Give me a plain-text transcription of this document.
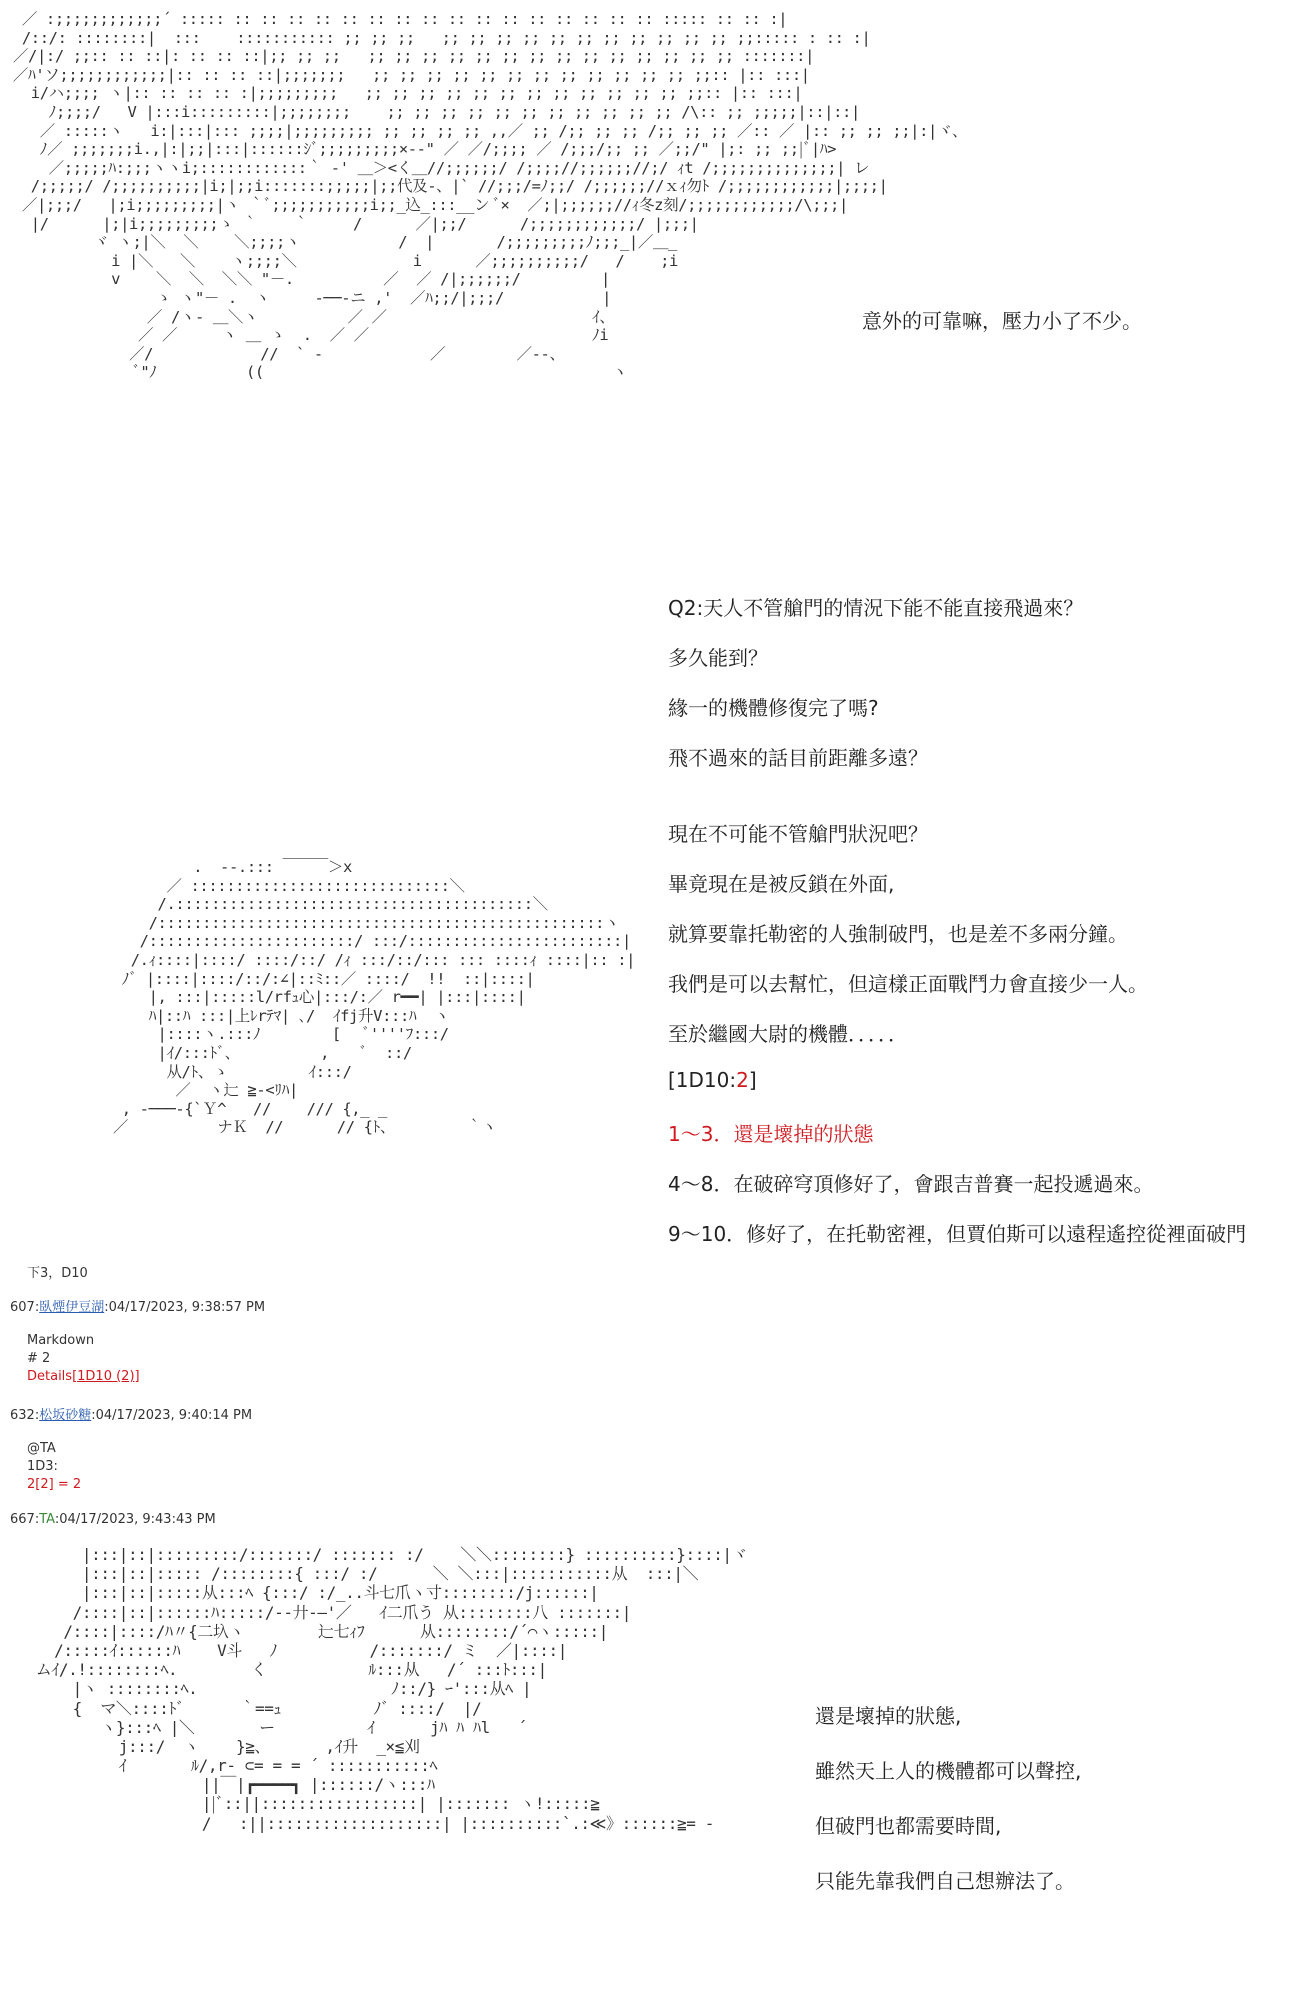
／ :;;;;;;;;;;;;´ ::::: :: :: :: :: :: :: :: :: :: :: :: :: :: :: :: :: ::::: :: :: :|
/::/: ::::::::|  :::    ::::::::::: ;; ;; ;;   ;; ;; ;; ;; ;; ;; ;; ;; ;; ;; ;; ;;::::: : :: :|
／/|:/ ;;:: :: ::|: :: :: ::|;; ;; ;;   ;; ;; ;; ;; ;; ;; ;; ;; ;; ;; ;; ;; ;; ;; :::::::|
／ﾊ'ソ;;;;;;;;;;;;|:: :: :: ::|;;;;;;;   ;; ;; ;; ;; ;; ;; ;; ;; ;; ;; ;; ;; ;;:: |:: :::|
i/ハ;;;; ヽ|:: :: :: :: :|;;;;;;;;;   ;; ;; ;; ;; ;; ;; ;; ;; ;; ;; ;; ;; ;;:: |:: :::|
ﾉ;;;;/   V |:::i:::::::::|;;;;;;;;    ;; ;; ;; ;; ;; ;; ;; ;; ;; ;; ;; /\:: ;; ;;;;;|::|::|
／ :::::ヽ   i:|:::|::: ;;;;|;;;;;;;;; ;; ;; ;; ;; ,,／ ;; /;; ;; ;; /;; ;; ;; ／:: ／ |:: ;; ;; ;;|:|ヾ、
ﾉ／ ;;;;;;;i.,|:|;;|:::|::::::ｼﾞ;;;;;;;;;×-‐" ／ ／/;;;; ／ /;;;/;; ;; ／;;/" |;: ;; ;;|ﾞ|ﾊ>
／;;;;;ﾊ:;;;ヽヽi;::::::::::::｀ ‐' ＿＞<く＿//;;;;;;/ /;;;;//;;;;;;//;/ ｨt /;;;;;;;;;;;;;;| レ
/;;;;;/ /;;;;;;;;;;|i;|;;i:::::::;;;;;|;;代及-、|` //;;;/=ﾉ;;/ /;;;;;;//ｘｨ勿ﾄ /;;;;;;;;;;;;|;;;;|
／|;;;/   |;i;;;;;;;;;|ヽ ｀ﾞ;;;;;;;;;;;i;;_込_:::__ン ﾞ×  ／;|;;;;;;//ｨ冬z刻/;;;;;;;;;;;;/\;;;|
|/      |;|i;;;;;;;;;ゝ ｀    ｀     /      ／|;;/      /;;;;;;;;;;;;/ |;;;|
ヾ ヽ;|＼  ＼    ＼;;;;ヽ           /  |       /;;;;;;;;;ﾉ;;;_|／＿_
i |＼   ＼    ヽ;;;;＼             i      ／;;;;;;;;;;/   /    ;i
v    ＼  ＼  ＼＼ "－.          ／  ／ /|;;;;;;/         |
ゝ ヽ"－ .  ヽ     ‐──‐ニ ,'  ／ﾊ;;/|;;;/           |
／ /ヽ- ＿＼ヽ          ／ ／                       ｲ、
／ ／     ヽ ＿ ゝ  .  ／ ／                         ﾉi
／/            //  ` ‐            ／        ／‐-、
ﾞ"ﾉ          ((                                       ヽ
.  ‐-.::: ￣￣￣＞x
／ :::::::::::::::::::::::::::::＼
/.::::::::::::::::::::::::::::::::::::::::＼
/::::::::::::::::::::::::::::::::::::::::::::::::::ヽ
/:::::::::::::::::::::::/ :::/::::::::::::::::::::::::|
/.ｨ::::|::::/ ::::/::/ /ｨ :::/::/::: ::: ::::ｨ ::::|:: :|
ﾉﾞ |::::|::::/::/:∠|::ﾐ::／ ::::/  !!  ::|::::|
|, :::|:::::l/rfｭ心|:::/:／ r━━| |:::|::::|
ﾊ|::ﾊ :::|上ﾚrﾃﾏ| ､/  ｲfj升V:::ﾊ  ヽ
|::::ヽ.:::ﾉ        [   ﾞ''''ﾌ:::/
|ｲ/:::ﾄﾞ、         ,    ﾞ  ::/
从/ﾄ、ゝ         ｲ:::/
／  ヽ辷 ≧-<ﾘﾊ|
, -───‐{`Ｙ^   //    /// {,_ _
／          ナＫ  //      // {ﾄ、        ｀ヽ
|:::|::|:::::::::/:::::::/ ::::::: :/    ＼＼::::::::} ::::::::::}::::|ヾ
|:::|::|::::: /::::::::{ :::/ :/      ＼ ＼:::|:::::::::::从  :::|＼
|:::|::|:::::从:::ﾍ {:::/ :/_..斗七爪ヽ寸::::::::/j::::::|
/::::|::|::::::ﾊ:::::/‐-廾‐―'／   ｲ二爪う 从::::::::八 :::::::|
/::::|::::/ﾊ〃{二圦ヽ        辷七ｨﾌ      从::::::::/´⌒ヽ:::::|
/:::::ｲ::::::ﾊ    V斗   ﾉ          /:::::::/ ミ  ／|::::|
ムｲ/.!::::::::ﾍ.        く           ﾙ:::从   /´ :::ﾄ:::|
|ヽ ::::::::ﾍ.                     ﾉ::/} ｰ':::从ﾍ |
{  マ＼::::ﾄﾞ      ｀==ｭ          ﾉﾞ ::::/  |/
ヽ}:::ﾍ |＼       ー          ｲ      jﾊ ﾊ ﾊl   ´
j:::/  ヽ    }≧、      ,ｲ升  _×≦刈
ｲ       ﾙ/,r‐ ⊂= = = ´ :::::::::::ﾍ
||￣|┏━━━━┓ |::::::/ヽ:::ﾊ
||ﾞ::||:::::::::::::::::| |::::::: ヽ!:::::≧
/   :||:::::::::::::::::::| |::::::::::`.:≪》::::::≧= -
意外的可靠嘛，壓力小了不少。
Q2:天人不管艙門的情況下能不能直接飛過來？
多久能到？
緣一的機體修復完了嗎?
飛不過來的話目前距離多遠？
現在不可能不管艙門狀況吧？
畢竟現在是被反鎖在外面,
就算要靠托勒密的人強制破門，也是差不多兩分鐘。
我們是可以去幫忙，但這樣正面戰鬥力會直接少一人。
至於繼國大尉的機體．．．．．
[1D10:2]
1～3．還是壞掉的狀態
4～8．在破碎穹頂修好了，會跟吉普賽一起投遞過來。
9～10．修好了，在托勒密裡，但賈伯斯可以遠程遙控從裡面破門
下3，D10
607:臥煙伊豆湖:04/17/2023, 9:38:57 PM
Markdown
# 2
Details[1D10 (2)]
632:松坂砂糖:04/17/2023, 9:40:14 PM
@TA
1D3:
2[2] = 2
667:TA:04/17/2023, 9:43:43 PM
還是壞掉的狀態,
雖然天上人的機體都可以聲控,
但破門也都需要時間,
只能先靠我們自己想辦法了。
